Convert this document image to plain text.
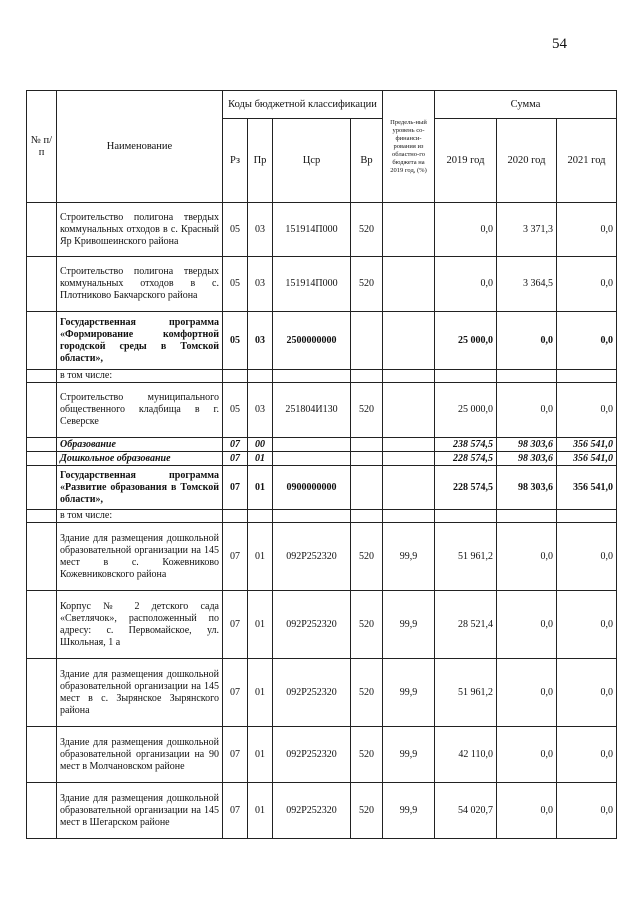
54
№ п/п	Наименование	Коды бюджетной классификации				Предель-ный уровень со-финанси-рования из областно-го бюджета на 2019 год, (%)	Сумма		
		Рз	Пр	Цср	Вр		2019 год	2020 год	2021 год
	Строительство полигона твердых коммунальных отходов в с. Красный Яр Кривошеинского района	05	03	151914П000	520		0,0	3 371,3	0,0
	Строительство полигона твердых коммунальных отходов в с. Плотниково Бакчарского района	05	03	151914П000	520		0,0	3 364,5	0,0
	Государственная программа «Формирование комфортной городской среды в Томской области»,	05	03	2500000000			25 000,0	0,0	0,0
	в том числе:								
	Строительство муниципального общественного кладбища в г. Северске	05	03	251804И130	520		25 000,0	0,0	0,0
	Образование	07	00				238 574,5	98 303,6	356 541,0
	Дошкольное образование	07	01				228 574,5	98 303,6	356 541,0
	Государственная программа «Развитие образования в Томской области»,	07	01	0900000000			228 574,5	98 303,6	356 541,0
	в том числе:								
	Здание для размещения дошкольной образовательной организации на 145 мест в с. Кожевниково Кожевниковского района	07	01	092P252320	520	99,9	51 961,2	0,0	0,0
	Корпус № 2 детского сада «Светлячок», расположенный по адресу: с. Первомайское, ул. Школьная, 1 а	07	01	092P252320	520	99,9	28 521,4	0,0	0,0
	Здание для размещения дошкольной образовательной организации на 145 мест в с. Зырянское Зырянского района	07	01	092P252320	520	99,9	51 961,2	0,0	0,0
	Здание для размещения дошкольной образовательной организации на 90 мест в Молчановском районе	07	01	092P252320	520	99,9	42 110,0	0,0	0,0
	Здание для размещения дошкольной образовательной организации на 145 мест в Шегарском районе	07	01	092P252320	520	99,9	54 020,7	0,0	0,0
